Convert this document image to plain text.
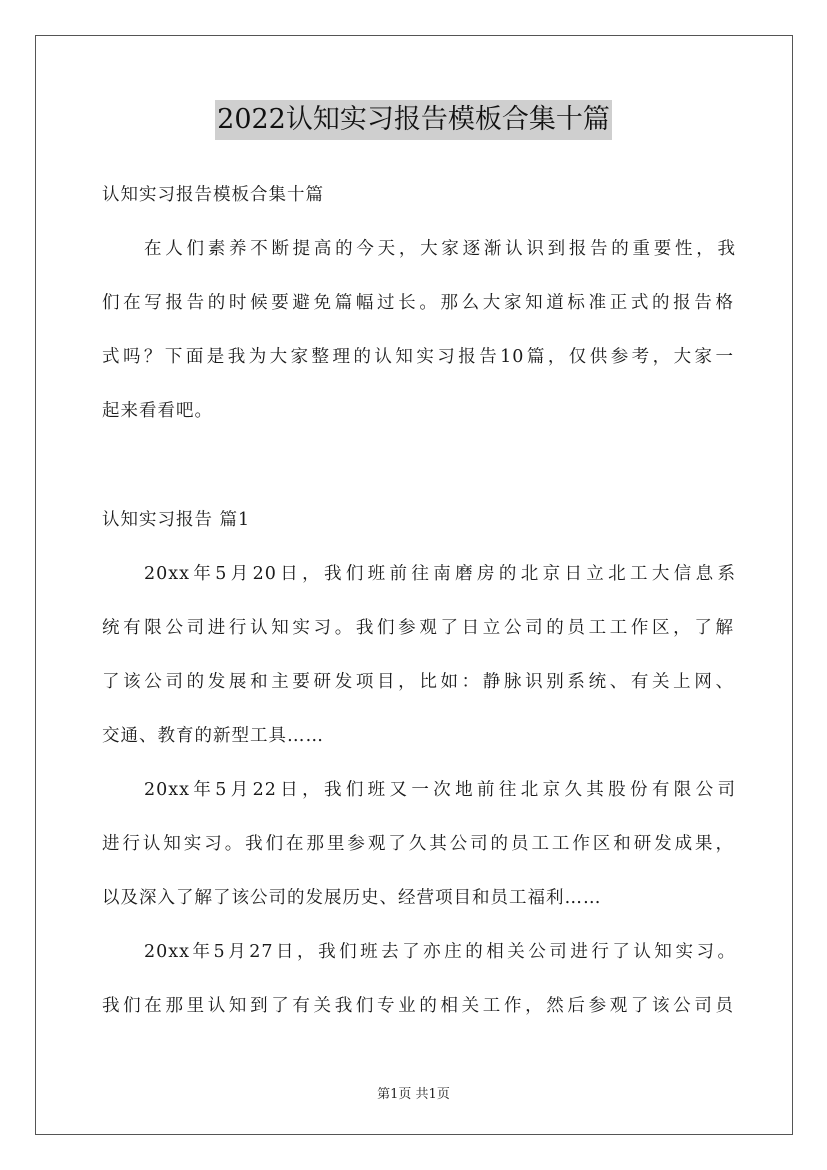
2022认知实习报告模板合集十篇
认知实习报告模板合集十篇
在人们素养不断提高的今天，大家逐渐认识到报告的重要性，我
们在写报告的时候要避免篇幅过长。那么大家知道标准正式的报告格
式吗？下面是我为大家整理的认知实习报告10篇，仅供参考，大家一
起来看看吧。
认知实习报告 篇1
20xx年5月20日，我们班前往南磨房的北京日立北工大信息系
统有限公司进行认知实习。我们参观了日立公司的员工工作区，了解
了该公司的发展和主要研发项目，比如：静脉识别系统、有关上网、
交通、教育的新型工具……
20xx年5月22日，我们班又一次地前往北京久其股份有限公司
进行认知实习。我们在那里参观了久其公司的员工工作区和研发成果，
以及深入了解了该公司的发展历史、经营项目和员工福利……
20xx年5月27日，我们班去了亦庄的相关公司进行了认知实习。
我们在那里认知到了有关我们专业的相关工作，然后参观了该公司员
第1页 共1页
